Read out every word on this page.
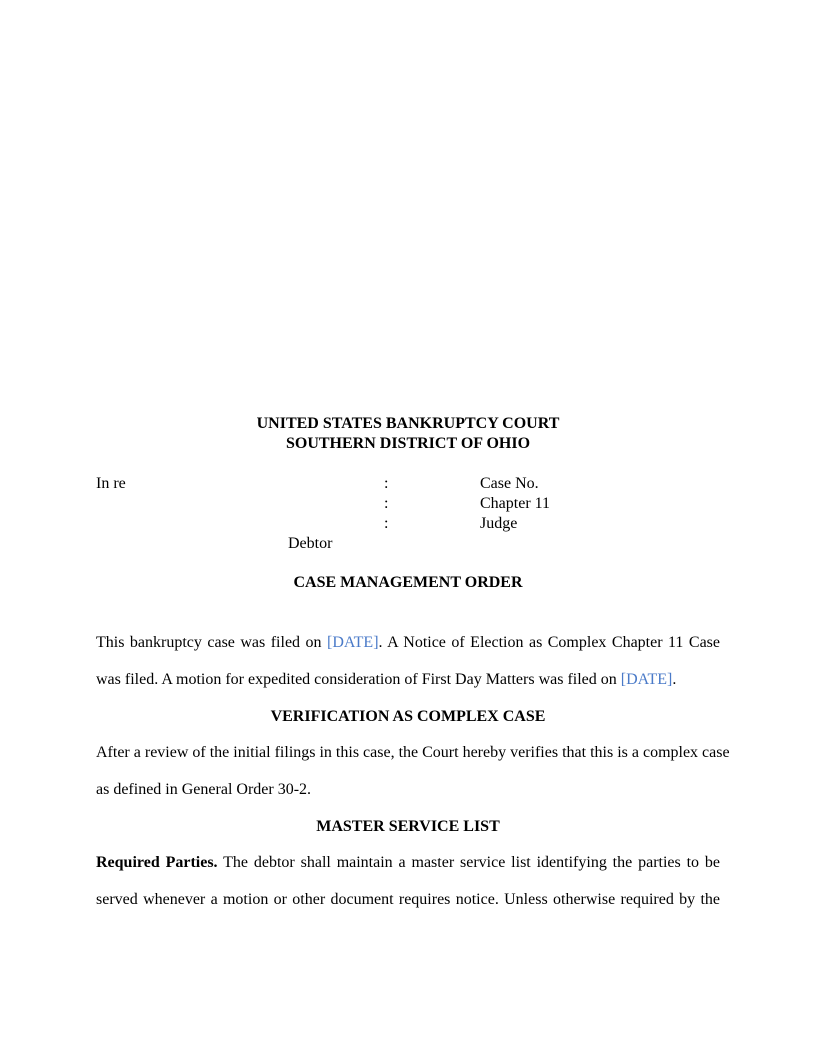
UNITED STATES BANKRUPTCY COURT
SOUTHERN DISTRICT OF OHIO
In re	:
:
:
Case No.
Chapter 11
Judge
Debtor
CASE MANAGEMENT ORDER
This bankruptcy case was filed on [DATE]. A Notice of Election as Complex Chapter 11 Case
was filed. A motion for expedited consideration of First Day Matters was filed on [DATE].
VERIFICATION AS COMPLEX CASE
After a review of the initial filings in this case, the Court hereby verifies that this is a complex case
as defined in General Order 30-2.
MASTER SERVICE LIST
Required Parties. The debtor shall maintain a master service list identifying the parties to be
served whenever a motion or other document requires notice. Unless otherwise required by the
